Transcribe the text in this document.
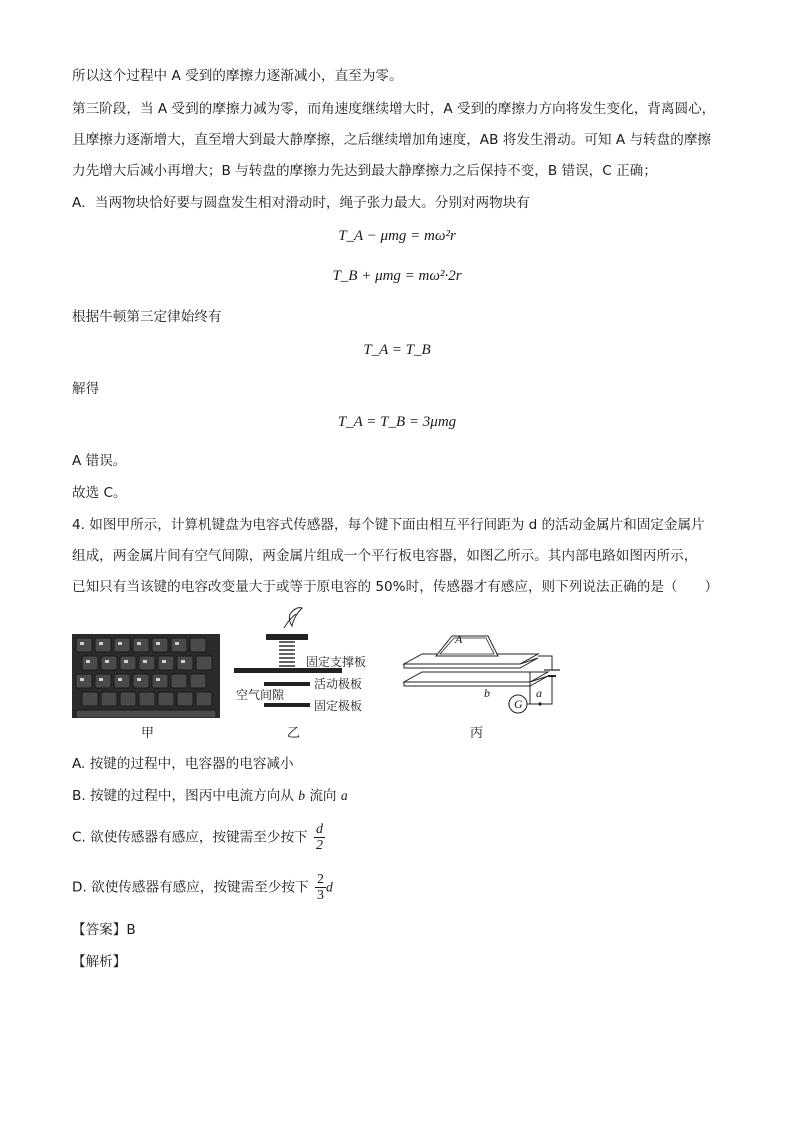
所以这个过程中 A 受到的摩擦力逐渐减小，直至为零。
第三阶段，当 A 受到的摩擦力减为零，而角速度继续增大时，A 受到的摩擦力方向将发生变化，背离圆心，
且摩擦力逐渐增大，直至增大到最大静摩擦，之后继续增加角速度，AB 将发生滑动。可知 A 与转盘的摩擦
力先增大后减小再增大；B 与转盘的摩擦力先达到最大静摩擦力之后保持不变，B 错误，C 正确；
A．当两物块恰好要与圆盘发生相对滑动时，绳子张力最大。分别对两物块有
T_A − μmg = mω²r
T_B + μmg = mω²·2r
根据牛顿第三定律始终有
T_A = T_B
解得
T_A = T_B = 3μmg
A 错误。
故选 C。
4. 如图甲所示，计算机键盘为电容式传感器，每个键下面由相互平行间距为 d 的活动金属片和固定金属片
组成，两金属片间有空气间隙，两金属片组成一个平行板电容器，如图乙所示。其内部电路如图丙所示，
已知只有当该键的电容改变量大于或等于原电容的 50%时，传感器才有感应，则下列说法正确的是（　　）
甲
固定支撑板
活动极板
空气间隙
固定极板
乙
A
b
G
a
丙
A. 按键的过程中，电容器的电容减小
B. 按键的过程中，图丙中电流方向从 b 流向 a
C. 欲使传感器有感应，按键需至少按下 $\frac{d}{2}$
D. 欲使传感器有感应，按键需至少按下 $\frac{2}{3}$ d
【答案】B
【解析】
